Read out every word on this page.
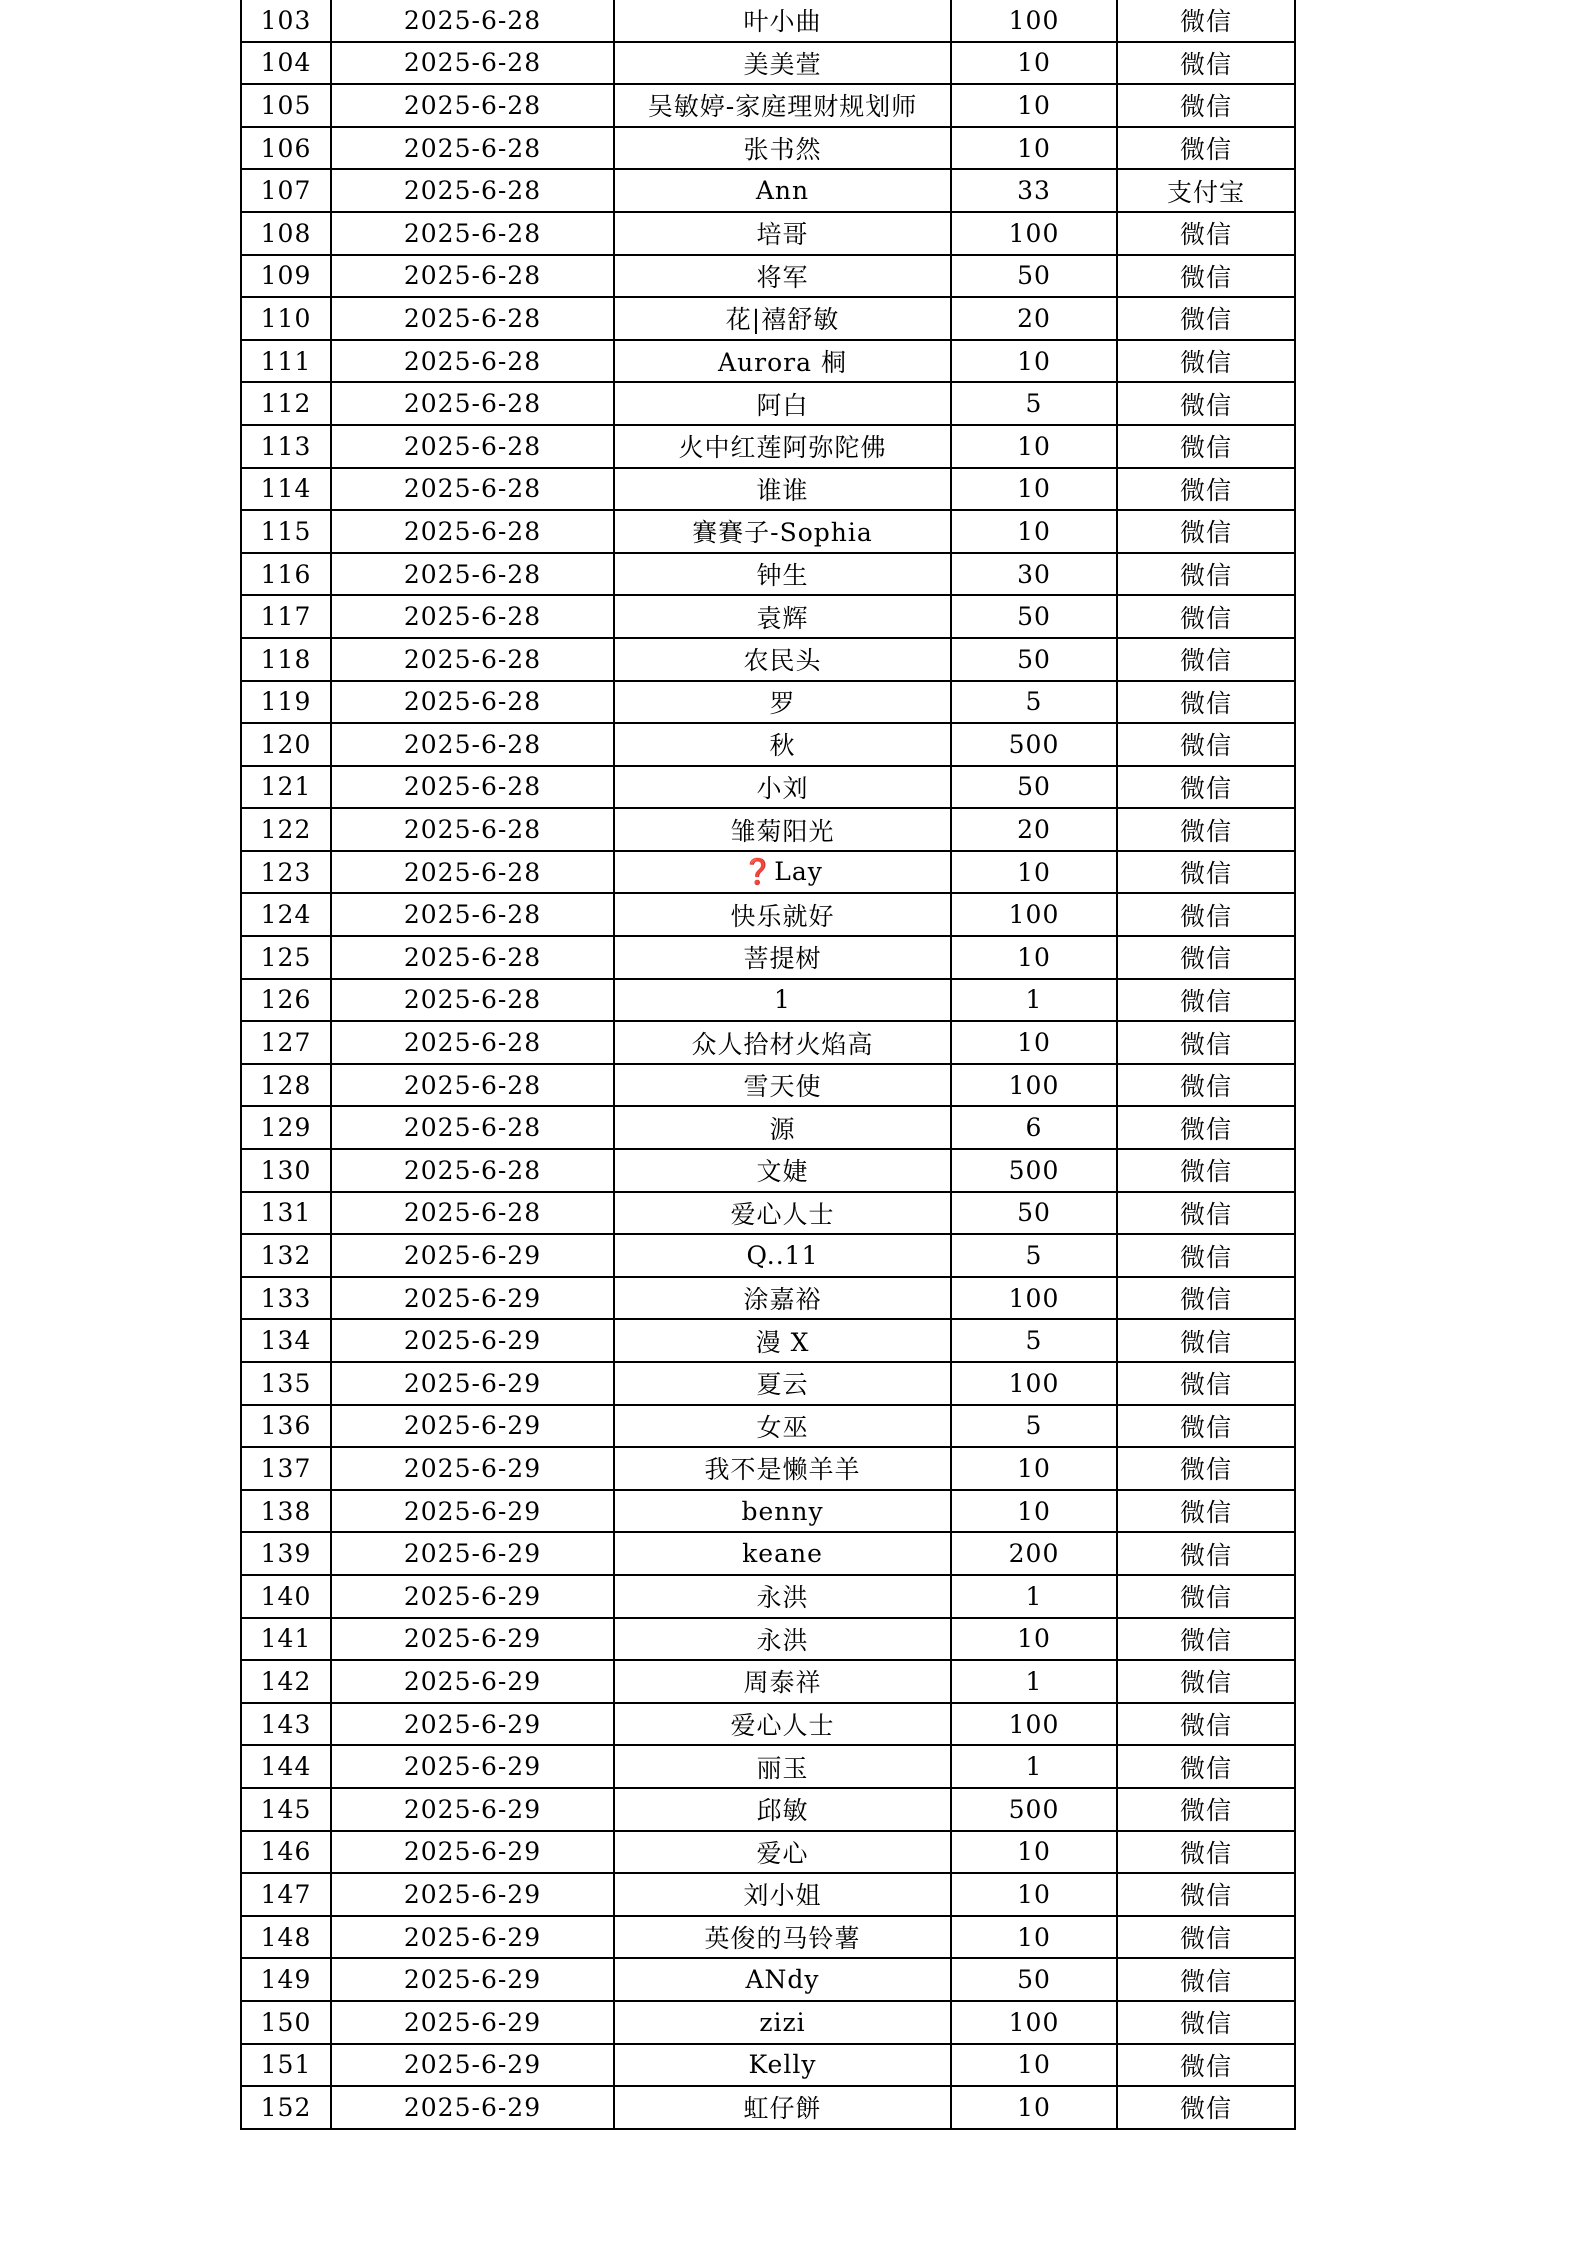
103	2025-6-28	叶小曲	100	微信
104	2025-6-28	美美萱	10	微信
105	2025-6-28	吴敏婷-家庭理财规划师	10	微信
106	2025-6-28	张书然	10	微信
107	2025-6-28	Ann	33	支付宝
108	2025-6-28	培哥	100	微信
109	2025-6-28	将军	50	微信
110	2025-6-28	花|禧舒敏	20	微信
111	2025-6-28	Aurora 桐	10	微信
112	2025-6-28	阿白	5	微信
113	2025-6-28	火中红莲阿弥陀佛	10	微信
114	2025-6-28	谁谁	10	微信
115	2025-6-28	賽賽子-Sophia	10	微信
116	2025-6-28	钟生	30	微信
117	2025-6-28	袁辉	50	微信
118	2025-6-28	农民头	50	微信
119	2025-6-28	罗	5	微信
120	2025-6-28	秋	500	微信
121	2025-6-28	小刘	50	微信
122	2025-6-28	雏菊阳光	20	微信
123	2025-6-28	❓Lay	10	微信
124	2025-6-28	快乐就好	100	微信
125	2025-6-28	菩提树	10	微信
126	2025-6-28	1	1	微信
127	2025-6-28	众人拾材火焰高	10	微信
128	2025-6-28	雪天使	100	微信
129	2025-6-28	源	6	微信
130	2025-6-28	文婕	500	微信
131	2025-6-28	爱心人士	50	微信
132	2025-6-29	Q..11	5	微信
133	2025-6-29	涂嘉裕	100	微信
134	2025-6-29	漫 X	5	微信
135	2025-6-29	夏云	100	微信
136	2025-6-29	女巫	5	微信
137	2025-6-29	我不是懒羊羊	10	微信
138	2025-6-29	benny	10	微信
139	2025-6-29	keane	200	微信
140	2025-6-29	永洪	1	微信
141	2025-6-29	永洪	10	微信
142	2025-6-29	周泰祥	1	微信
143	2025-6-29	爱心人士	100	微信
144	2025-6-29	丽玉	1	微信
145	2025-6-29	邱敏	500	微信
146	2025-6-29	爱心	10	微信
147	2025-6-29	刘小姐	10	微信
148	2025-6-29	英俊的马铃薯	10	微信
149	2025-6-29	ANdy	50	微信
150	2025-6-29	zizi	100	微信
151	2025-6-29	Kelly	10	微信
152	2025-6-29	虹仔餅	10	微信
